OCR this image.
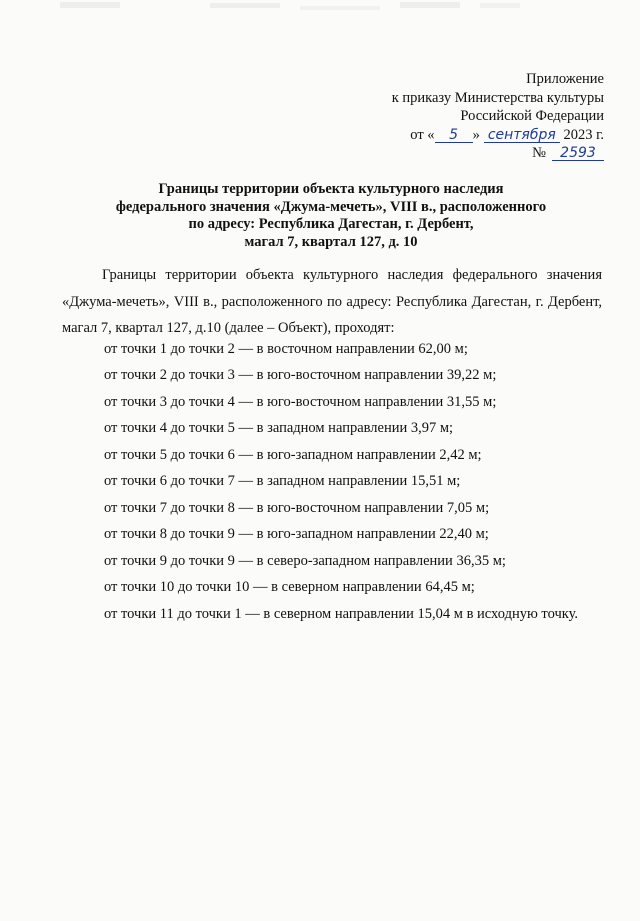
Приложение
к приказу Министерства культуры
Российской Федерации
от « 5 » сентября 2023 г.
№ 2593
Границы территории объекта культурного наследия
федерального значения «Джума-мечеть», VIII в., расположенного
по адресу: Республика Дагестан, г. Дербент,
магал 7, квартал 127, д. 10

Границы территории объекта культурного наследия федерального значения «Джума-мечеть», VIII в., расположенного по адресу: Республика Дагестан, г. Дербент, магал 7, квартал 127, д.10 (далее – Объект), проходят:

от точки 1 до точки 2 — в восточном направлении 62,00 м;
от точки 2 до точки 3 — в юго-восточном направлении 39,22 м;
от точки 3 до точки 4 — в юго-восточном направлении 31,55 м;
от точки 4 до точки 5 — в западном направлении 3,97 м;
от точки 5 до точки 6 — в юго-западном направлении 2,42 м;
от точки 6 до точки 7 — в западном направлении 15,51 м;
от точки 7 до точки 8 — в юго-восточном направлении 7,05 м;
от точки 8 до точки 9 — в юго-западном направлении 22,40 м;
от точки 9 до точки 9 — в северо-западном направлении 36,35 м;
от точки 10 до точки 10 — в северном направлении 64,45 м;
от точки 11 до точки 1 — в северном направлении 15,04 м в исходную точку.
